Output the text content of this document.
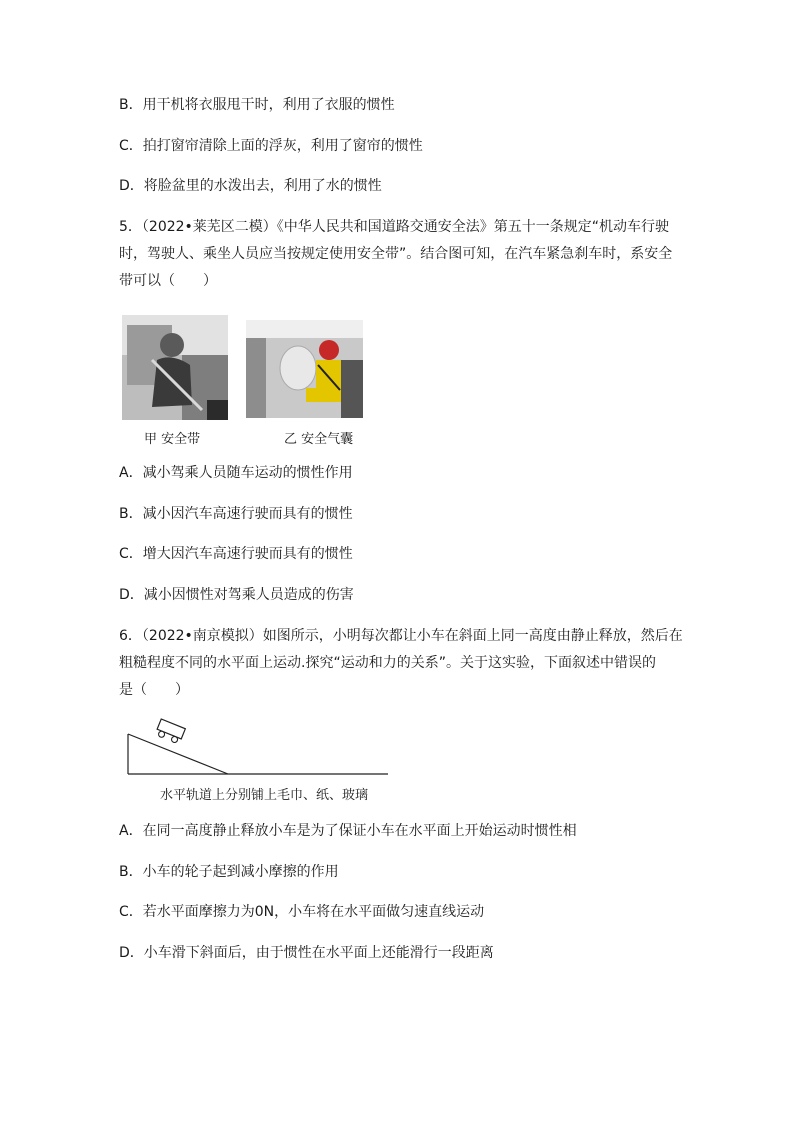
B．用干机将衣服甩干时，利用了衣服的惯性
C．拍打窗帘清除上面的浮灰，利用了窗帘的惯性
D．将脸盆里的水泼出去，利用了水的惯性
5．（2022•莱芜区二模）《中华人民共和国道路交通安全法》第五十一条规定“机动车行驶
时，驾驶人、乘坐人员应当按规定使用安全带”。结合图可知，在汽车紧急刹车时，系安全
带可以（　　）
甲 安全带	乙 安全气囊
A．减小驾乘人员随车运动的惯性作用
B．减小因汽车高速行驶而具有的惯性
C．增大因汽车高速行驶而具有的惯性
D．减小因惯性对驾乘人员造成的伤害
6．（2022•南京模拟）如图所示，小明每次都让小车在斜面上同一高度由静止释放，然后在
粗糙程度不同的水平面上运动.探究“运动和力的关系”。关于这实验，下面叙述中错误的
是（　　）
水平轨道上分别铺上毛巾、纸、玻璃
A．在同一高度静止释放小车是为了保证小车在水平面上开始运动时惯性相
B．小车的轮子起到减小摩擦的作用
C．若水平面摩擦力为0N，小车将在水平面做匀速直线运动
D．小车滑下斜面后，由于惯性在水平面上还能滑行一段距离
